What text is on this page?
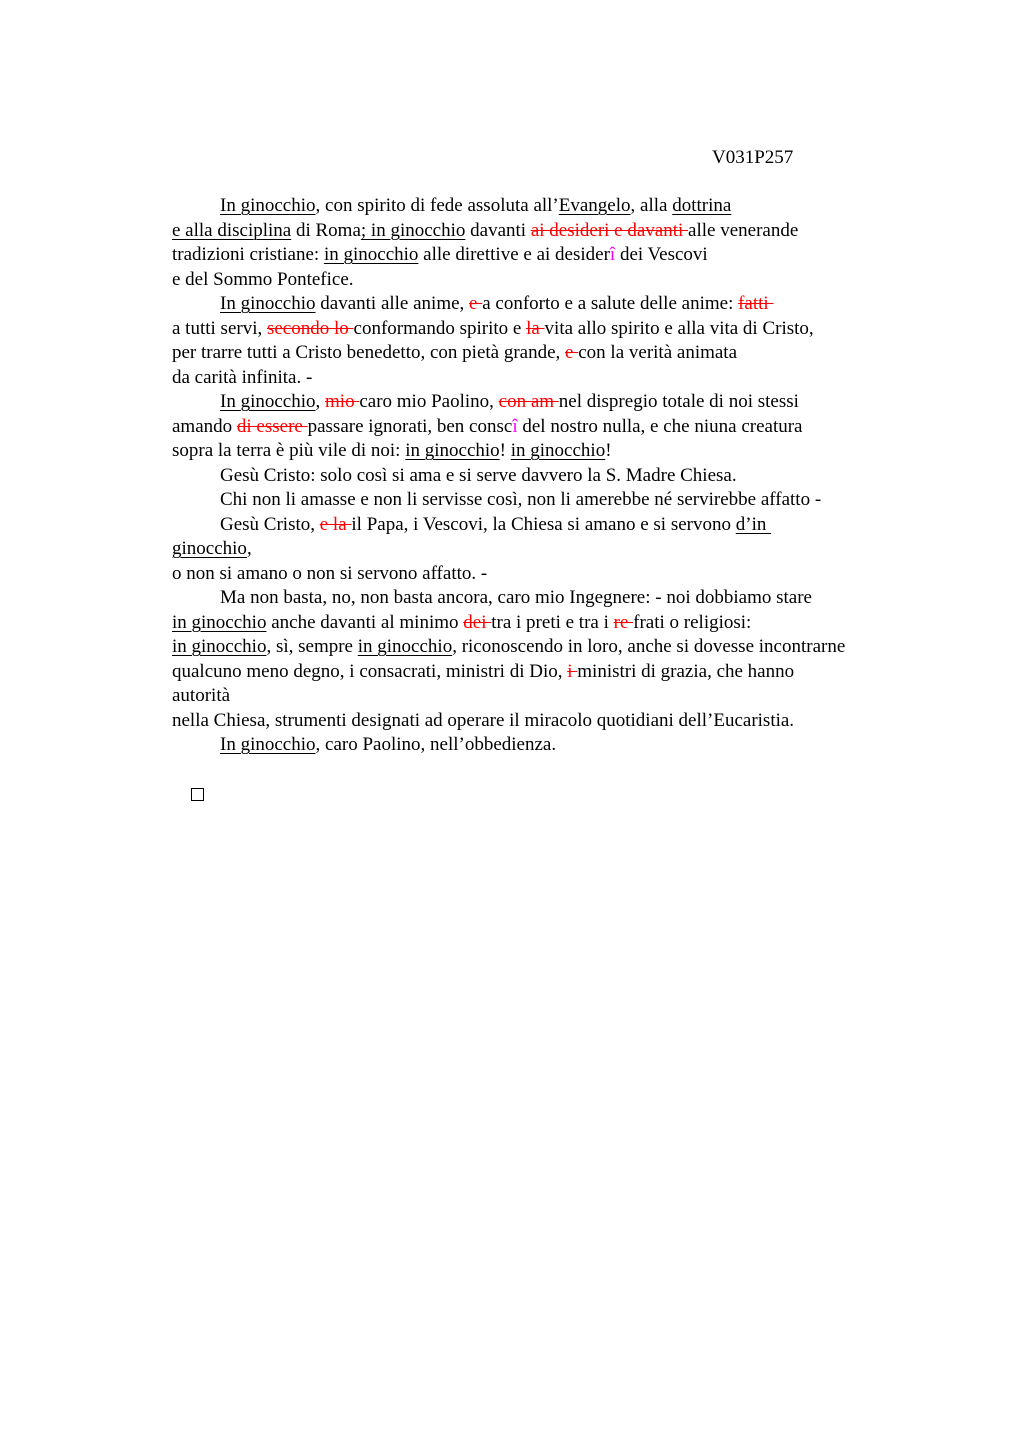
V031P257
In ginocchio, con spirito di fede assoluta all’Evangelo, alla dottrina
e alla disciplina di Roma; in ginocchio davanti ai desideri e davanti alle venerande
tradizioni cristiane: in ginocchio alle direttive e ai desiderî dei Vescovi
e del Sommo Pontefice.
In ginocchio davanti alle anime, e a conforto e a salute delle anime: fatti
a tutti servi, secondo lo conformando spirito e la vita allo spirito e alla vita di Cristo,
per trarre tutti a Cristo benedetto, con pietà grande, e con la verità animata
da carità infinita. -
In ginocchio, mio caro mio Paolino, con am nel dispregio totale di noi stessi
amando di essere passare ignorati, ben conscî del nostro nulla, e che niuna creatura
sopra la terra è più vile di noi: in ginocchio! in ginocchio!
Gesù Cristo: solo così si ama e si serve davvero la S. Madre Chiesa.
Chi non li amasse e non li servisse così, non li amerebbe né servirebbe affatto -
Gesù Cristo, e la il Papa, i Vescovi, la Chiesa si amano e si servono d’in
ginocchio,
o non si amano o non si servono affatto. -
Ma non basta, no, non basta ancora, caro mio Ingegnere: - noi dobbiamo stare
in ginocchio anche davanti al minimo dei tra i preti e tra i re frati o religiosi:
in ginocchio, sì, sempre in ginocchio, riconoscendo in loro, anche si dovesse incontrarne
qualcuno meno degno, i consacrati, ministri di Dio, i ministri di grazia, che hanno
autorità
nella Chiesa, strumenti designati ad operare il miracolo quotidiani dell’Eucaristia.
In ginocchio, caro Paolino, nell’obbedienza.
